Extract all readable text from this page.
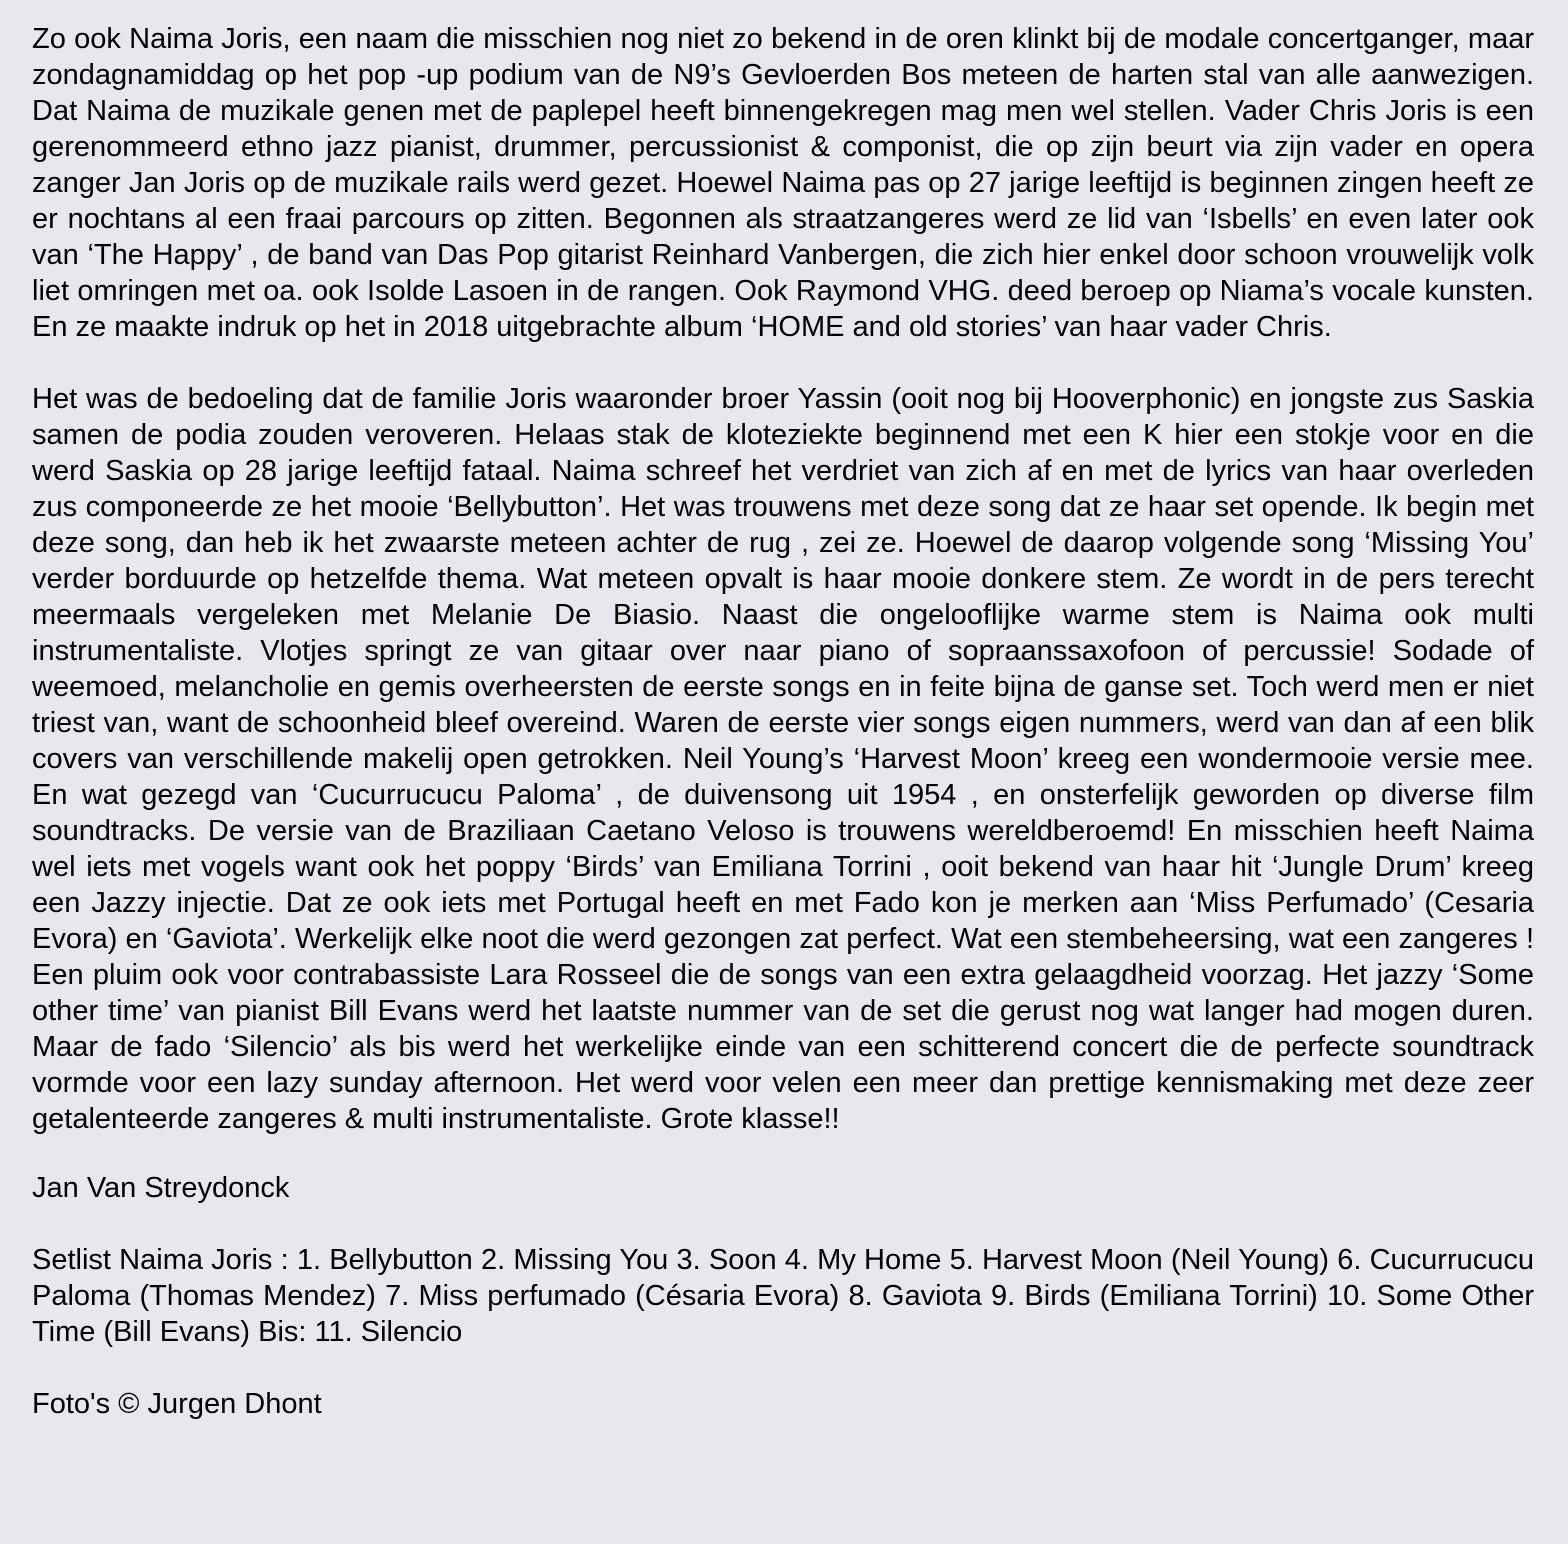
Zo ook Naima Joris, een naam die misschien nog niet zo bekend in de oren klinkt bij de modale concertganger, maar zondagnamiddag op het pop -up podium van de N9’s Gevloerden Bos meteen de harten stal van alle aanwezigen. Dat Naima de muzikale genen met de paplepel heeft binnengekregen mag men wel stellen. Vader Chris Joris is een gerenommeerd ethno jazz pianist, drummer, percussionist & componist, die op zijn beurt via zijn vader en opera zanger Jan Joris op de muzikale rails werd gezet. Hoewel Naima pas op 27 jarige leeftijd is beginnen zingen heeft ze er nochtans al een fraai parcours op zitten. Begonnen als straatzangeres werd ze lid van ‘Isbells’ en even later ook van ‘The Happy’ , de band van Das Pop gitarist Reinhard Vanbergen, die zich hier enkel door schoon vrouwelijk volk liet omringen met oa. ook Isolde Lasoen in de rangen. Ook Raymond VHG. deed beroep op Niama’s vocale kunsten. En ze maakte indruk op het in 2018 uitgebrachte album ‘HOME and old stories’ van haar vader Chris.

Het was de bedoeling dat de familie Joris waaronder broer Yassin (ooit nog bij Hooverphonic) en jongste zus Saskia samen de podia zouden veroveren. Helaas stak de kloteziekte beginnend met een K hier een stokje voor en die werd Saskia op 28 jarige leeftijd fataal. Naima schreef het verdriet van zich af en met de lyrics van haar overleden zus componeerde ze het mooie ‘Bellybutton’. Het was trouwens met deze song dat ze haar set opende. Ik begin met deze song, dan heb ik het zwaarste meteen achter de rug , zei ze. Hoewel de daarop volgende song ‘Missing You’ verder borduurde op hetzelfde thema. Wat meteen opvalt is haar mooie donkere stem. Ze wordt in de pers terecht meermaals vergeleken met Melanie De Biasio. Naast die ongelooflijke warme stem is Naima ook multi instrumentaliste. Vlotjes springt ze van gitaar over naar piano of sopraanssaxofoon of percussie! Sodade of weemoed, melancholie en gemis overheersten de eerste songs en in feite bijna de ganse set. Toch werd men er niet triest van, want de schoonheid bleef overeind. Waren de eerste vier songs eigen nummers, werd van dan af een blik covers van verschillende makelij open getrokken. Neil Young’s ‘Harvest Moon’ kreeg een wondermooie versie mee. En wat gezegd van ‘Cucurrucucu Paloma’ , de duivensong uit 1954 , en onsterfelijk geworden op diverse film soundtracks. De versie van de Braziliaan Caetano Veloso is trouwens wereldberoemd! En misschien heeft Naima wel iets met vogels want ook het poppy ‘Birds’ van Emiliana Torrini , ooit bekend van haar hit ‘Jungle Drum’ kreeg een Jazzy injectie. Dat ze ook iets met Portugal heeft en met Fado kon je merken aan ‘Miss Perfumado’ (Cesaria Evora) en ‘Gaviota’. Werkelijk elke noot die werd gezongen zat perfect. Wat een stembeheersing, wat een zangeres ! Een pluim ook voor contrabassiste Lara Rosseel die de songs van een extra gelaagdheid voorzag. Het jazzy ‘Some other time’ van pianist Bill Evans werd het laatste nummer van de set die gerust nog wat langer had mogen duren. Maar de fado ‘Silencio’ als bis werd het werkelijke einde van een schitterend concert die de perfecte soundtrack vormde voor een lazy sunday afternoon. Het werd voor velen een meer dan prettige kennismaking met deze zeer getalenteerde zangeres & multi instrumentaliste. Grote klasse!!

Jan Van Streydonck

Setlist Naima Joris : 1. Bellybutton 2. Missing You 3. Soon 4. My Home 5. Harvest Moon (Neil Young) 6. Cucurrucucu Paloma (Thomas Mendez) 7. Miss perfumado (Césaria Evora) 8. Gaviota 9. Birds (Emiliana Torrini) 10. Some Other Time (Bill Evans) Bis: 11. Silencio

Foto's © Jurgen Dhont
